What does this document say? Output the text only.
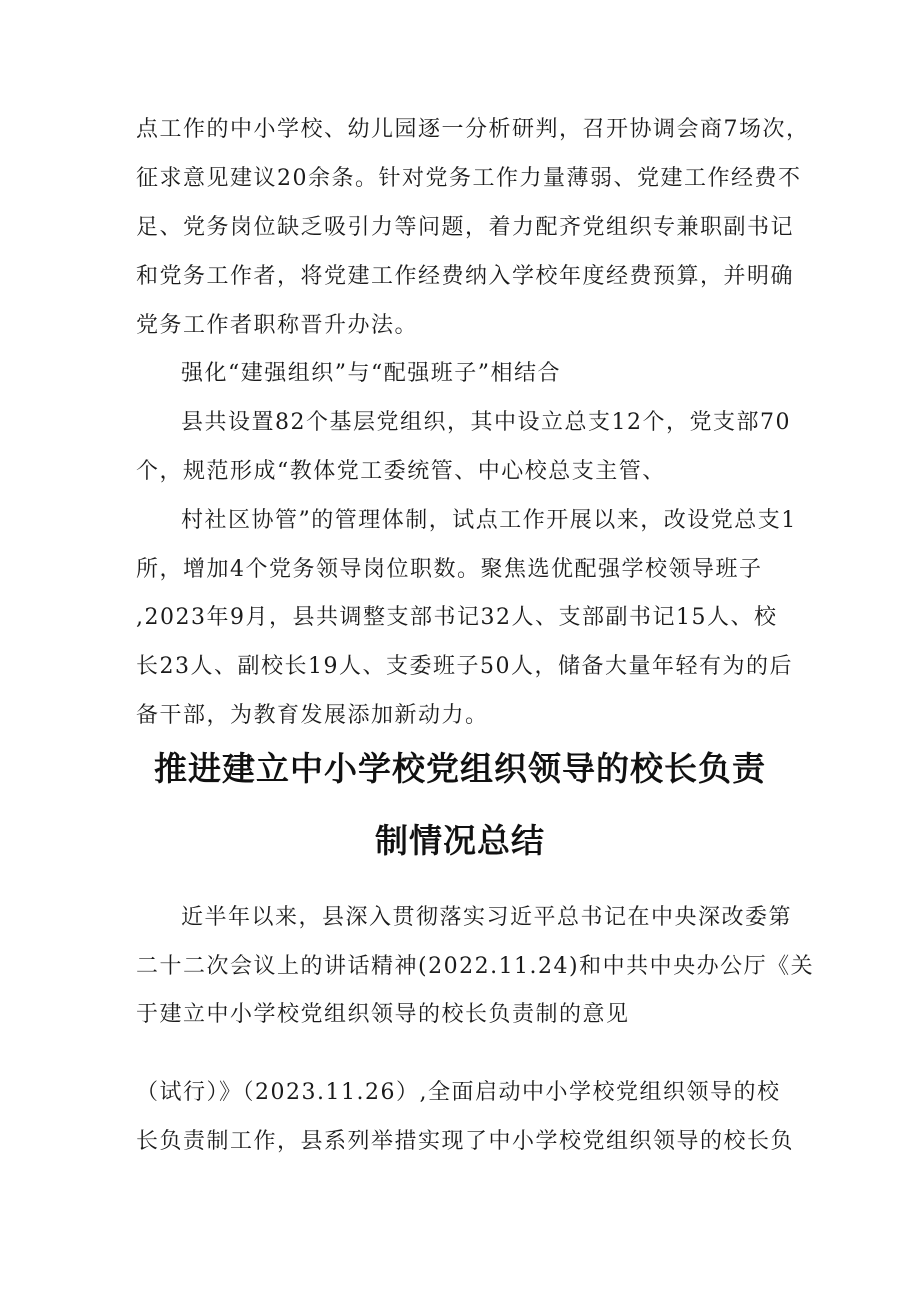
点工作的中小学校、幼儿园逐一分析研判，召开协调会商7场次，
征求意见建议20余条。针对党务工作力量薄弱、党建工作经费不
足、党务岗位缺乏吸引力等问题，着力配齐党组织专兼职副书记
和党务工作者，将党建工作经费纳入学校年度经费预算，并明确
党务工作者职称晋升办法。
强化“建强组织”与“配强班子”相结合
县共设置82个基层党组织，其中设立总支12个，党支部70
个，规范形成“教体党工委统管、中心校总支主管、
村社区协管”的管理体制，试点工作开展以来，改设党总支1
所，增加4个党务领导岗位职数。聚焦选优配强学校领导班子
,2023年9月，县共调整支部书记32人、支部副书记15人、校
长23人、副校长19人、支委班子50人，储备大量年轻有为的后
备干部，为教育发展添加新动力。
推进建立中小学校党组织领导的校长负责
制情况总结
近半年以来，县深入贯彻落实习近平总书记在中央深改委第
二十二次会议上的讲话精神(2022.11.24)和中共中央办公厅《关
于建立中小学校党组织领导的校长负责制的意见
（试行）》（2023.11.26）,全面启动中小学校党组织领导的校
长负责制工作，县系列举措实现了中小学校党组织领导的校长负
